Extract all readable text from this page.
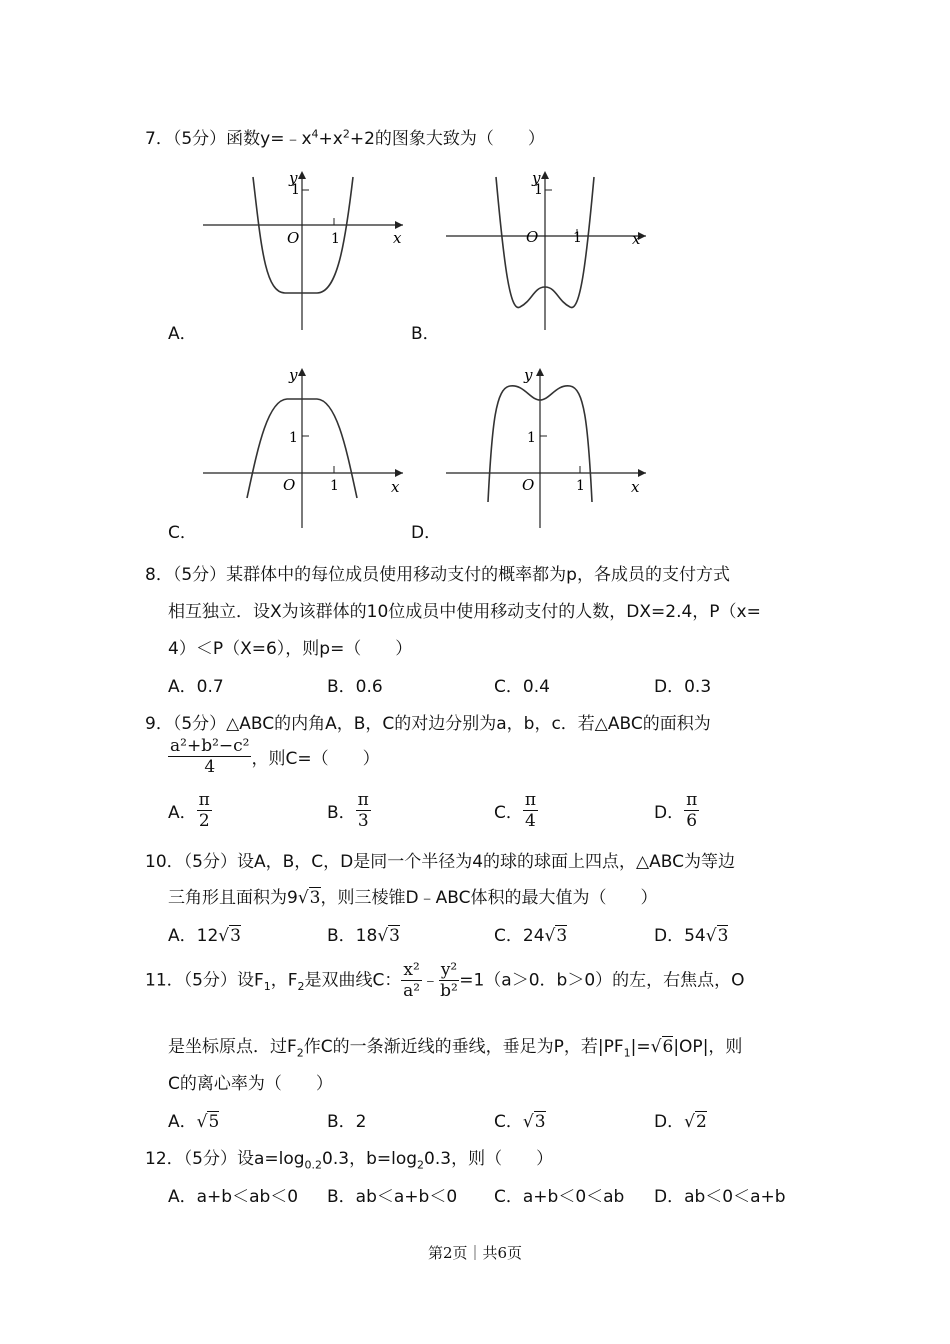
7．（5分）函数$y=﹣x^4+x^2+2$的图象大致为（　　）
y
1
O 1	x
A．
y
1
O 1	x
B．
y
1
O 1	x
C．
y
1
O	1	x
D．
8．（5分）某群体中的每位成员使用移动支付的概率都为p，各成员的支付方式
相互独立．设X为该群体的10位成员中使用移动支付的人数，DX=2.4，P（x=
4）＜P（X=6），则p=（　　）
A．0.7	B．0.6	C．0.4	D．0.3
9．（5分）△ABC的内角A，B，C的对边分别为a，b，c．若△ABC的面积为
$\frac{\text{a²+b²−c²}}{4}$ ，则C=（　　）
A． $\frac{\pi}{2}$	B． $\frac{\pi}{3}$	C． $\frac{\pi}{4}$	D． $\frac{\pi}{6}$
10．（5分）设A，B，C，D是同一个半径为4的球的球面上四点，△ABC为等边
三角形且面积为9√3，则三棱锥D﹣ABC体积的最大值为（　　）
A．12√3	B．18√3	C．24√3	D．54√3
11．（5分）设$F_1$，$F_2$是双曲线C： $\frac{\text{x²}}{\text{a²}}$ ﹣ $\frac{\text{y²}}{\text{b²}} =1(a>0$．b＞0）的左，右焦点，O
是坐标原点．过$F_2$作C的一条渐近线的垂线，垂足为P，若$|PF_1|=√6|OP|$，则
C的离心率为（　　）
A．√5	B．2	C．√3	D．√2
12．（5分）设$a=\log_{0.2}0.3$，$b=\log_20.3$，则（　　）
A．a+b＜ab＜0 B．ab＜a+b＜0 C．a+b＜0＜ab D．ab＜0＜a+b
第2页｜共6页
